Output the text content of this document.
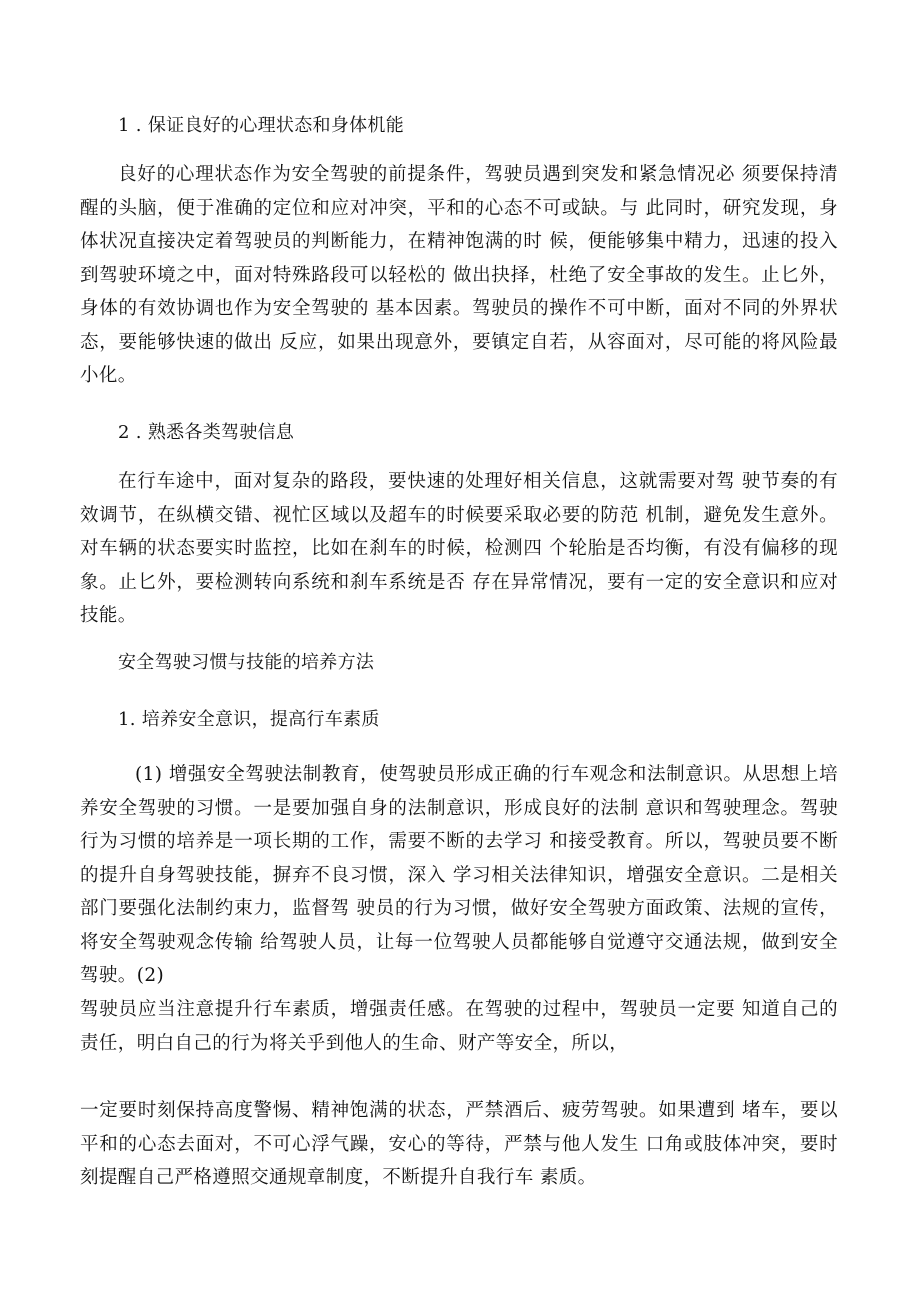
1 . 保证良好的心理状态和身体机能

良好的心理状态作为安全驾驶的前提条件，驾驶员遇到突发和紧急情况必 须要保持清醒的头脑，便于准确的定位和应对冲突，平和的心态不可或缺。与 此同时，研究发现，身体状况直接决定着驾驶员的判断能力，在精神饱满的时 候，便能够集中精力，迅速的投入到驾驶环境之中，面对特殊路段可以轻松的 做出抉择，杜绝了安全事故的发生。止匕外，身体的有效协调也作为安全驾驶的 基本因素。驾驶员的操作不可中断，面对不同的外界状态，要能够快速的做出 反应，如果出现意外，要镇定自若，从容面对，尽可能的将风险最小化。

2 . 熟悉各类驾驶信息

在行车途中，面对复杂的路段，要快速的处理好相关信息，这就需要对驾 驶节奏的有效调节，在纵横交错、视忙区域以及超车的时候要采取必要的防范 机制，避免发生意外。对车辆的状态要实时监控，比如在刹车的时候，检测四 个轮胎是否均衡，有没有偏移的现象。止匕外，要检测转向系统和刹车系统是否 存在异常情况，要有一定的安全意识和应对技能。

安全驾驶习惯与技能的培养方法
1. 培养安全意识，提高行车素质

(1) 增强安全驾驶法制教育，使驾驶员形成正确的行车观念和法制意识。从思想上培养安全驾驶的习惯。一是要加强自身的法制意识，形成良好的法制 意识和驾驶理念。驾驶行为习惯的培养是一项长期的工作，需要不断的去学习 和接受教育。所以，驾驶员要不断的提升自身驾驶技能，摒弃不良习惯，深入 学习相关法律知识，增强安全意识。二是相关部门要强化法制约束力，监督驾 驶员的行为习惯，做好安全驾驶方面政策、法规的宣传，将安全驾驶观念传输 给驾驶人员，让每一位驾驶人员都能够自觉遵守交通法规，做到安全驾驶。(2)

驾驶员应当注意提升行车素质，增强责任感。在驾驶的过程中，驾驶员一定要 知道自己的责任，明白自己的行为将关乎到他人的生命、财产等安全，所以，

一定要时刻保持高度警惕、精神饱满的状态，严禁酒后、疲劳驾驶。如果遭到 堵车，要以平和的心态去面对，不可心浮气躁，安心的等待，严禁与他人发生 口角或肢体冲突，要时刻提醒自己严格遵照交通规章制度，不断提升自我行车 素质。
